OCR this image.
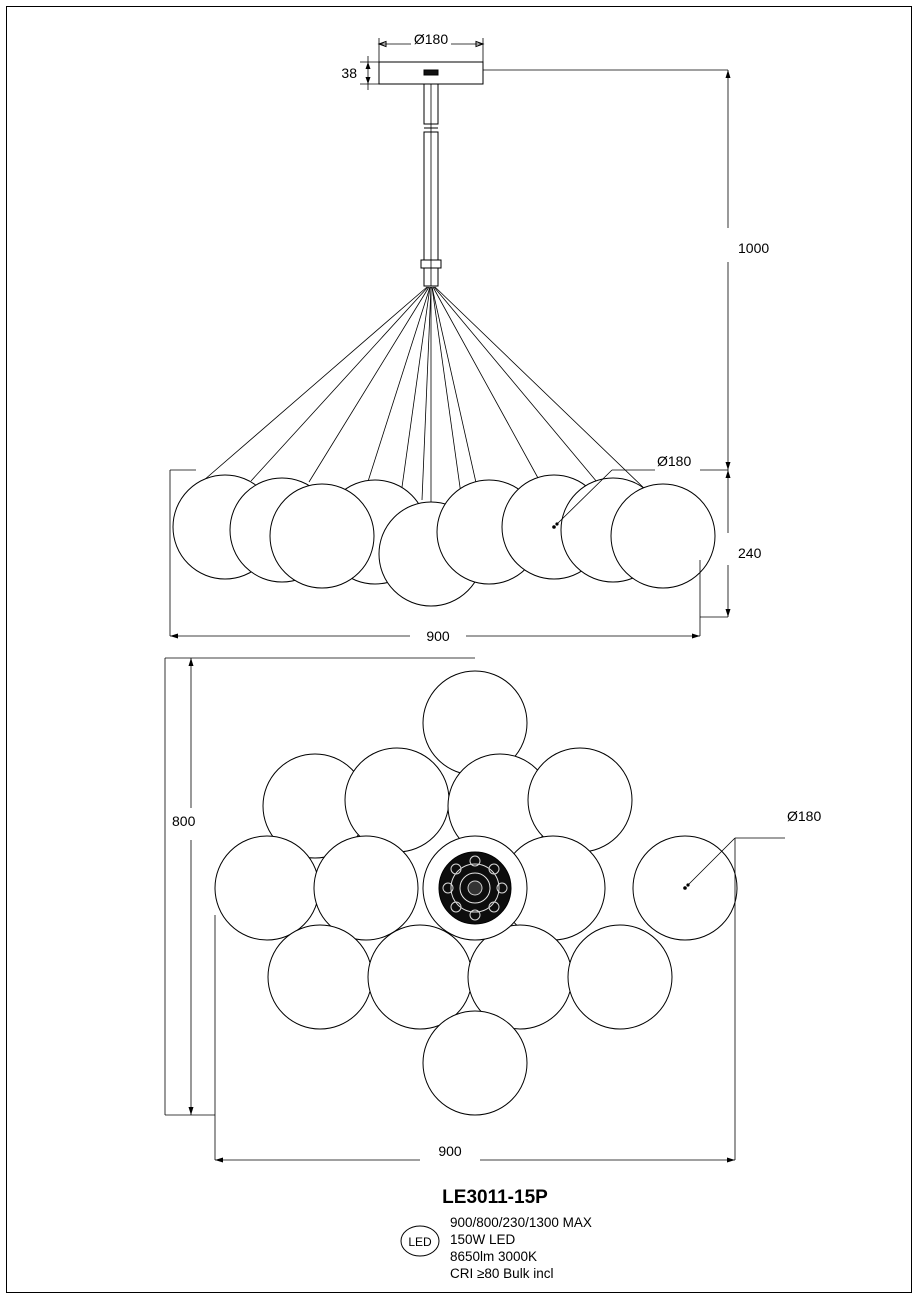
Ø180
38
1000
Ø180
240
900
800	Ø180
900
LE3011-15P
900/800/230/1300 MAX
150W LED
8650lm 3000K
CRI ≥80 Bulk incl
LED
